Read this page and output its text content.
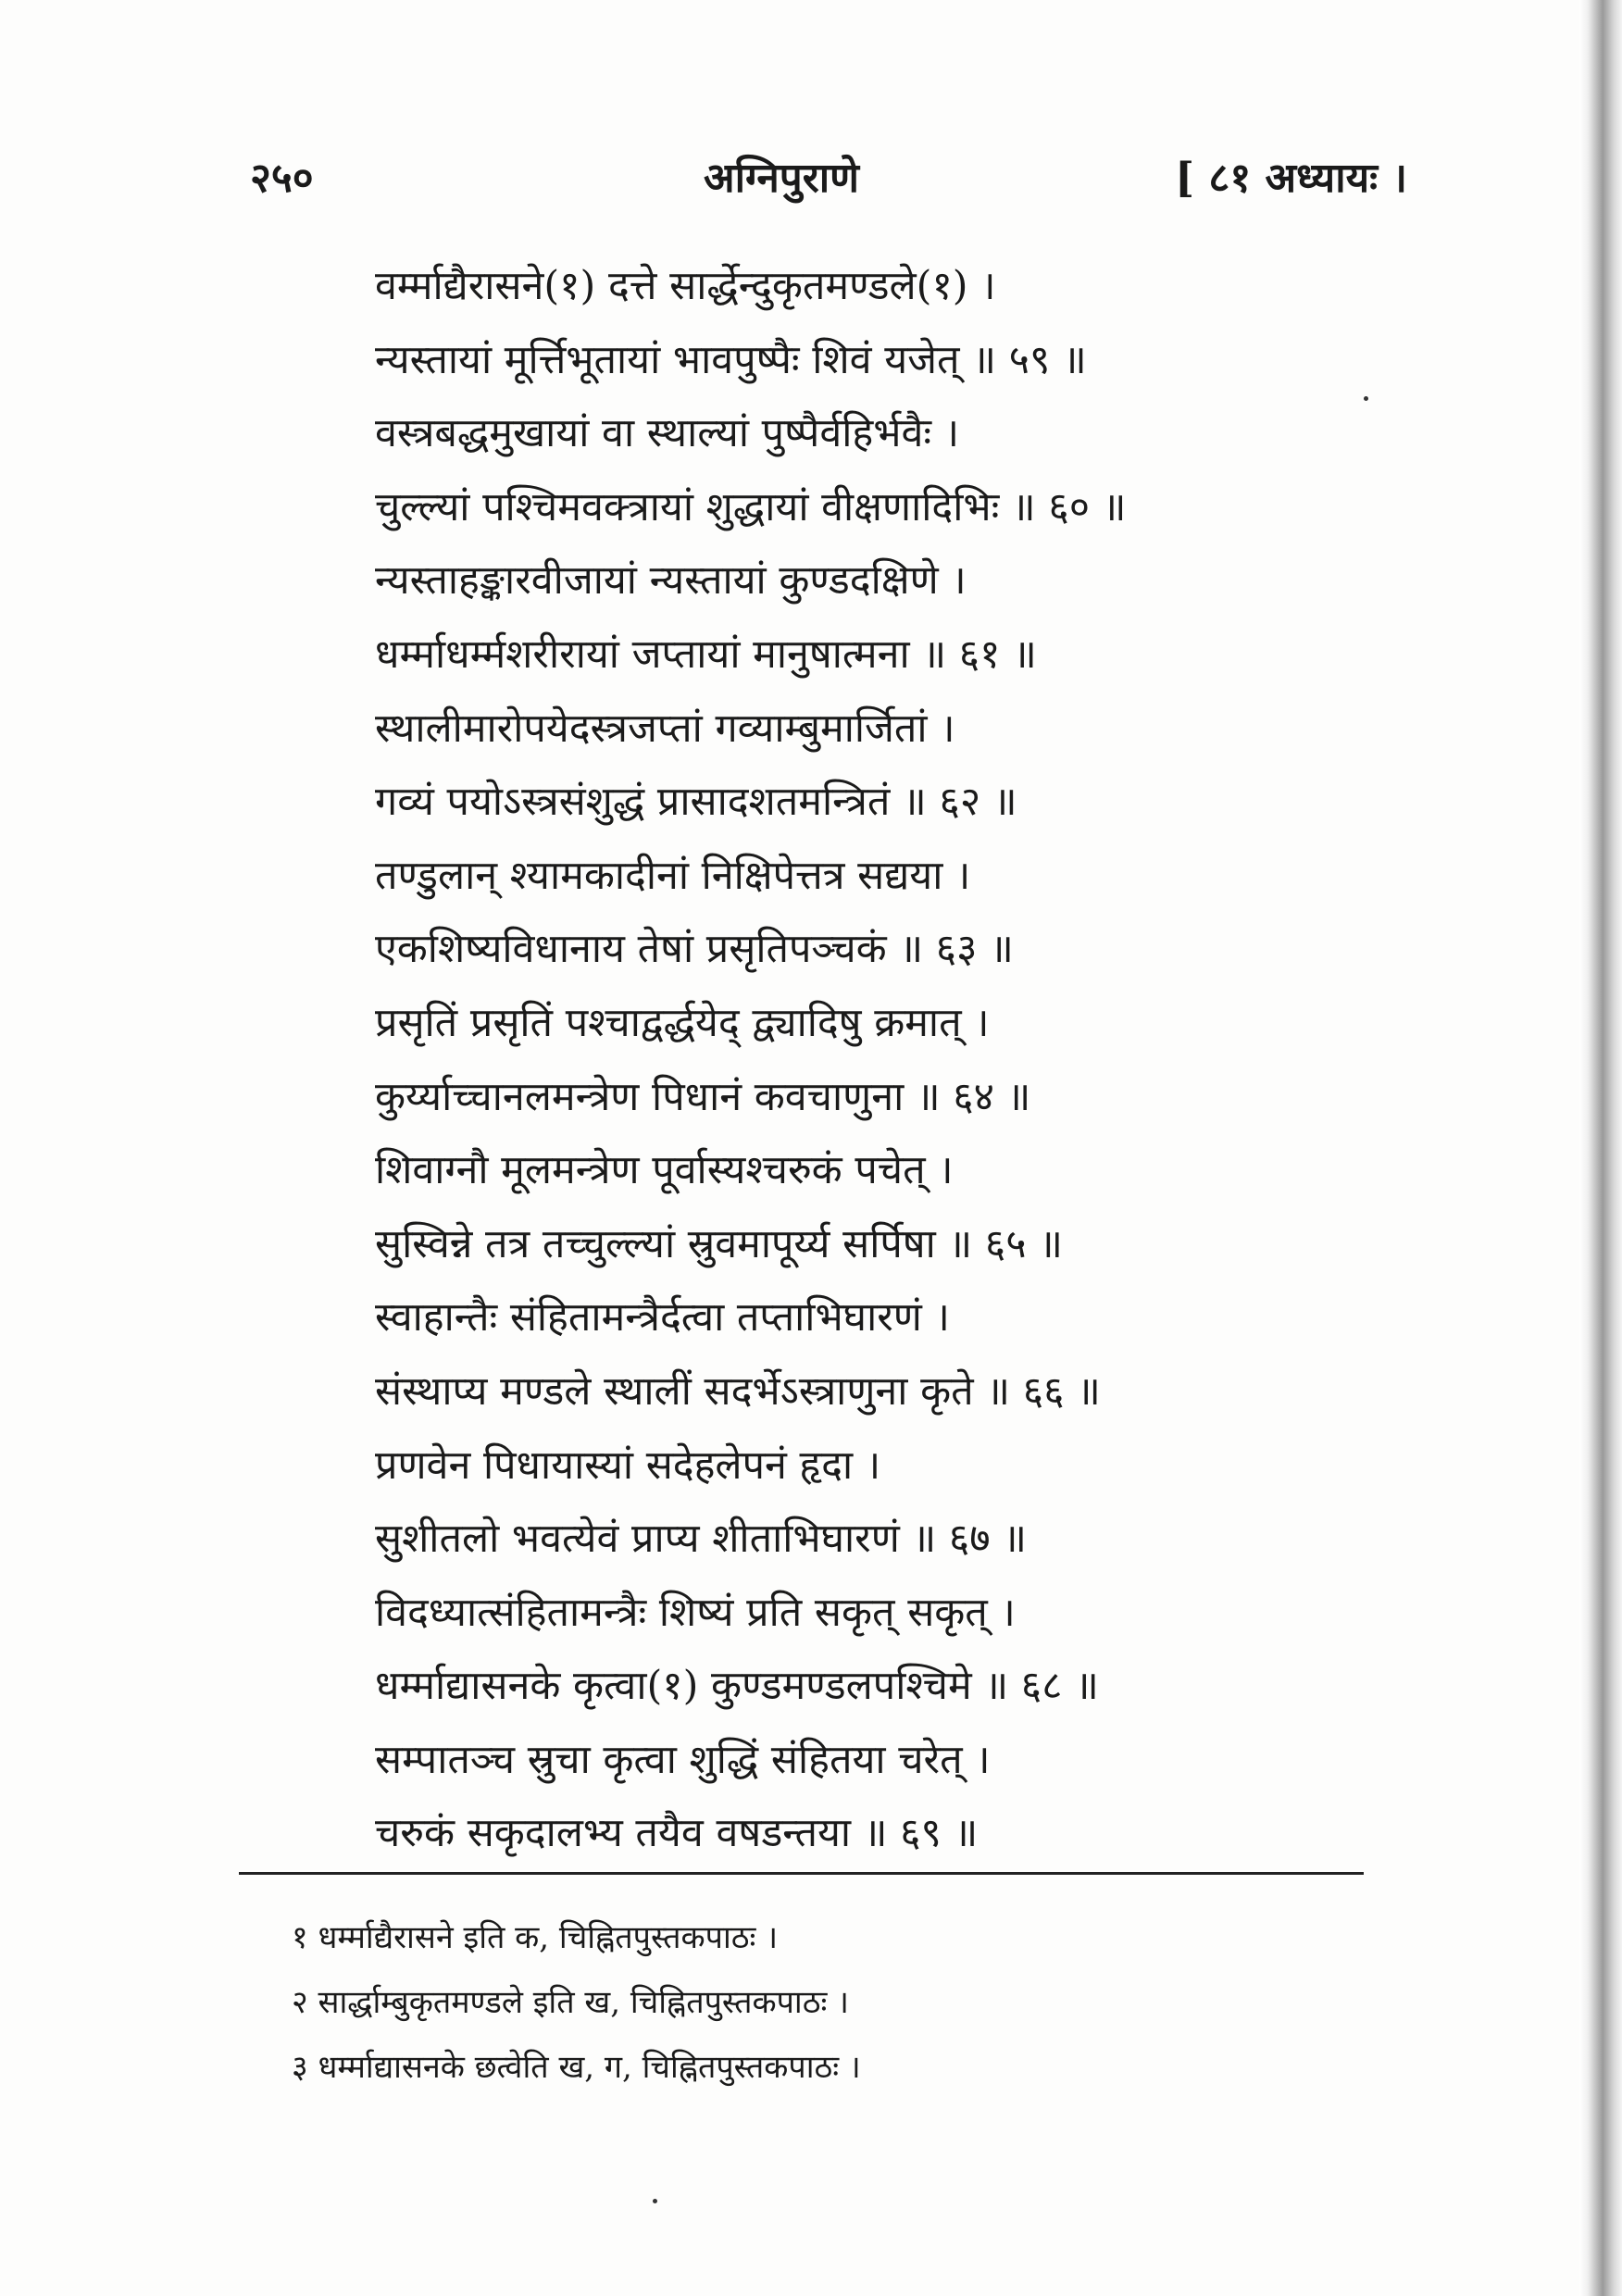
२५०	अग्निपुराणे	[ ८१ अध्यायः ।
वर्म्माद्यैरासने(१) दत्ते सार्द्धेन्दुकृतमण्डले(१) ।
न्यस्तायां मूर्त्तिभूतायां भावपुष्पैः शिवं यजेत् ॥ ५९ ॥
वस्त्रबद्धमुखायां वा स्थाल्यां पुष्पैर्वहिर्भवैः ।
चुल्ल्यां पश्चिमवक्त्रायां शुद्धायां वीक्षणादिभिः ॥ ६० ॥
न्यस्ताहङ्कारवीजायां न्यस्तायां कुण्डदक्षिणे ।
धर्म्माधर्म्मशरीरायां जप्तायां मानुषात्मना ॥ ६१ ॥
स्थालीमारोपयेदस्त्रजप्तां गव्याम्बुमार्जितां ।
गव्यं पयोऽस्त्रसंशुद्धं प्रासादशतमन्त्रितं ॥ ६२ ॥
तण्डुलान् श्यामकादीनां निक्षिपेत्तत्र सद्यया ।
एकशिष्यविधानाय तेषां प्रसृतिपञ्चकं ॥ ६३ ॥
प्रसृतिं प्रसृतिं पश्चाद्वर्द्धयेद् द्व्यादिषु क्रमात् ।
कुर्य्याच्चानलमन्त्रेण पिधानं कवचाणुना ॥ ६४ ॥
शिवाग्नौ मूलमन्त्रेण पूर्वास्यश्चरुकं पचेत् ।
सुस्विन्ने तत्र तच्चुल्ल्यां स्रुवमापूर्य्य सर्पिषा ॥ ६५ ॥
स्वाहान्तैः संहितामन्त्रैर्दत्वा तप्ताभिघारणं ।
संस्थाप्य मण्डले स्थालीं सदर्भेऽस्त्राणुना कृते ॥ ६६ ॥
प्रणवेन पिधायास्यां सदेहलेपनं हृदा ।
सुशीतलो भवत्येवं प्राप्य शीताभिघारणं ॥ ६७ ॥
विदध्यात्संहितामन्त्रैः शिष्यं प्रति सकृत् सकृत् ।
धर्म्माद्यासनके कृत्वा(१) कुण्डमण्डलपश्चिमे ॥ ६८ ॥
सम्पातञ्च स्रुचा कृत्वा शुद्धिं संहितया चरेत् ।
चरुकं सकृदालभ्य तयैव वषडन्तया ॥ ६९ ॥
१ धर्म्माद्यैरासने इति क, चिह्नितपुस्तकपाठः ।
२ सार्द्धाम्बुकृतमण्डले इति ख, चिह्नितपुस्तकपाठः ।
३ धर्म्माद्यासनके छत्वेति ख, ग, चिह्नितपुस्तकपाठः ।
